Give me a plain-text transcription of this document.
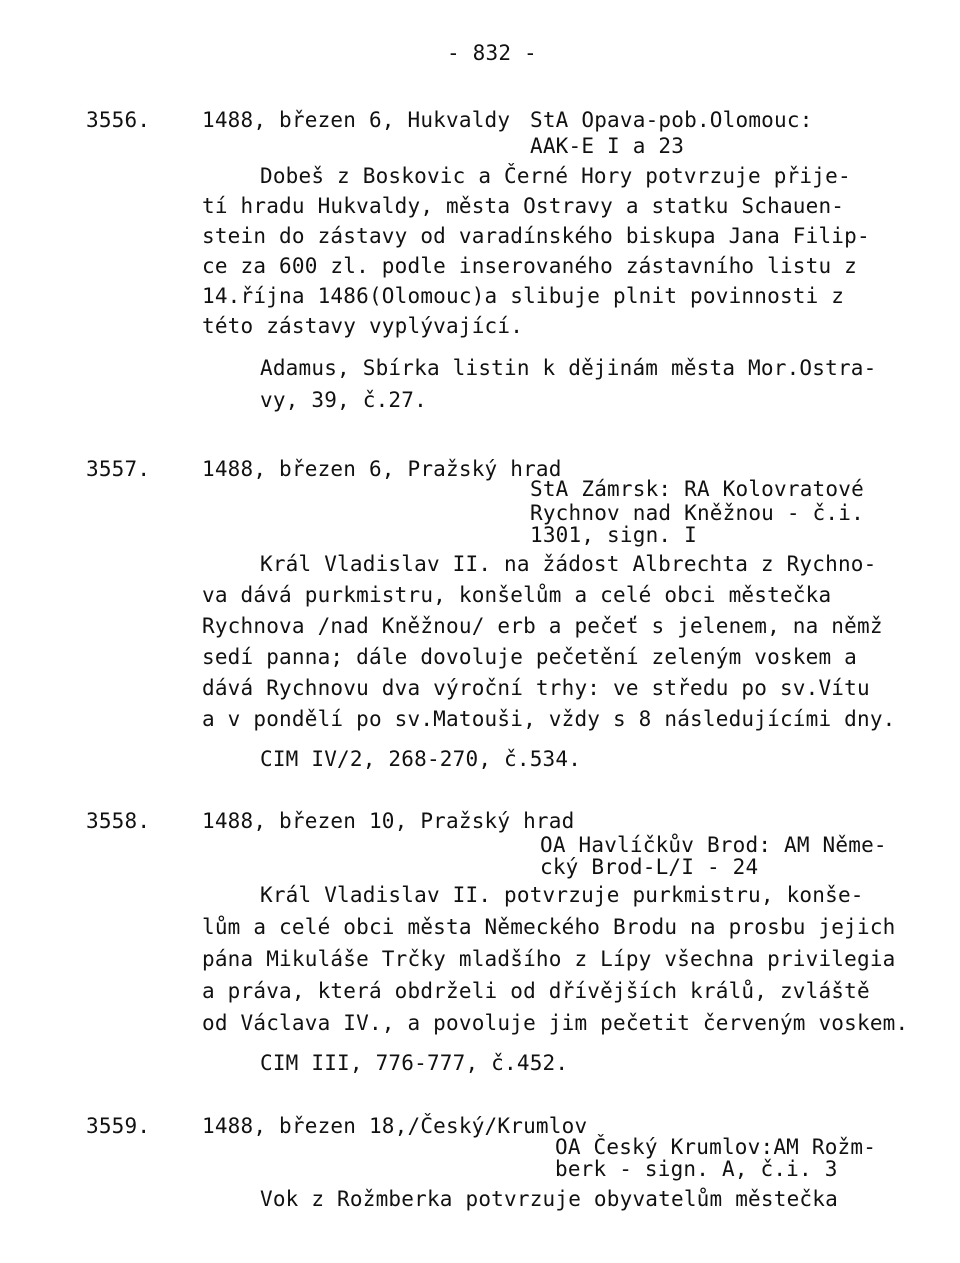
- 832 -
3556. 1488, březen 6, Hukvaldy StA Opava-pob.Olomouc:
AAK-E I a 23
Dobeš z Boskovic a Černé Hory potvrzuje přije-
tí hradu Hukvaldy, města Ostravy a statku Schauen-
stein do zástavy od varadínského biskupa Jana Filip-
ce za 600 zl. podle inserovaného zástavního listu z
14.října 1486(Olomouc)a slibuje plnit povinnosti z
této zástavy vyplývající.
Adamus, Sbírka listin k dějinám města Mor.Ostra-
vy, 39, č.27.
3557. 1488, březen 6, Pražský hrad
StA Zámrsk: RA Kolovratové
Rychnov nad Kněžnou - č.i.
1301, sign. I
Král Vladislav II. na žádost Albrechta z Rychno-
va dává purkmistru, konšelům a celé obci městečka
Rychnova /nad Kněžnou/ erb a pečeť s jelenem, na němž
sedí panna; dále dovoluje pečetění zeleným voskem a
dává Rychnovu dva výroční trhy: ve středu po sv.Vítu
a v pondělí po sv.Matouši, vždy s 8 následujícími dny.
CIM IV/2, 268-270, č.534.
3558. 1488, březen 10, Pražský hrad
OA Havlíčkův Brod: AM Něme-
cký Brod-L/I - 24
Král Vladislav II. potvrzuje purkmistru, konše-
lům a celé obci města Německého Brodu na prosbu jejich
pána Mikuláše Trčky mladšího z Lípy všechna privilegia
a práva, která obdrželi od dřívějších králů, zvláště
od Václava IV., a povoluje jim pečetit červeným voskem.
CIM III, 776-777, č.452.
3559. 1488, březen 18,/Český/Krumlov
OA Český Krumlov:AM Rožm-
berk - sign. A, č.i. 3
Vok z Rožmberka potvrzuje obyvatelům městečka
